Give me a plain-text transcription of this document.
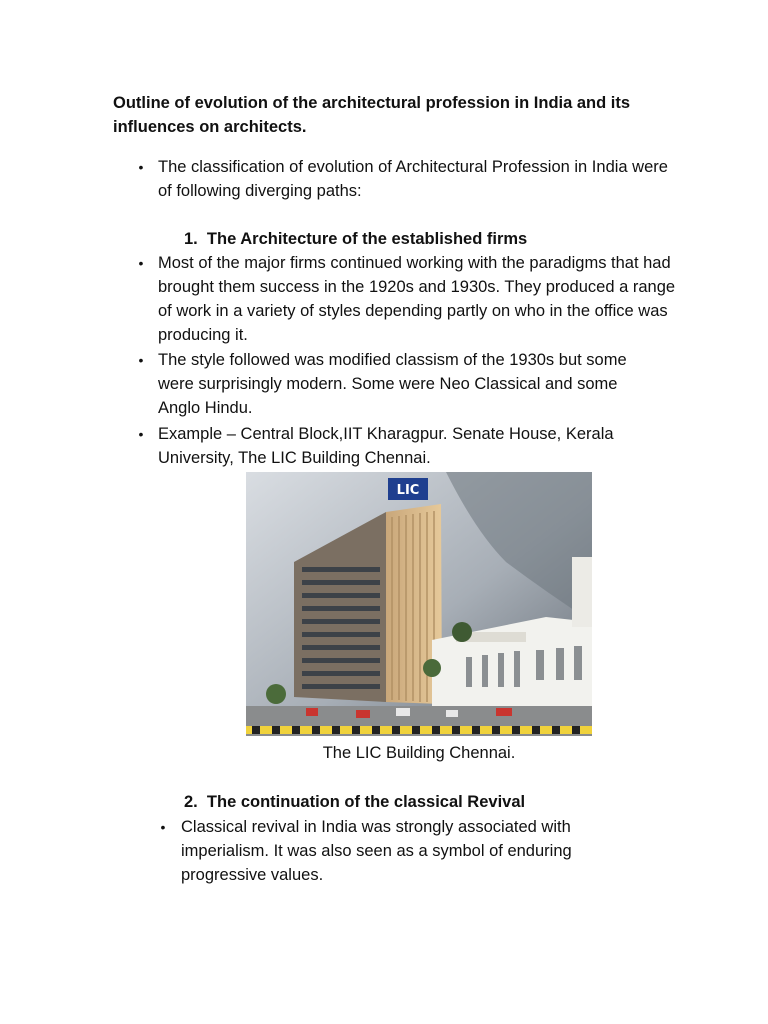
Outline of evolution of the architectural profession in India and its influences on architects.
• The classification of evolution of Architectural Profession in India were of following diverging paths:
1.  The Architecture of the established firms
• Most of the major firms continued working with the paradigms that had brought them success in the 1920s and 1930s. They produced a range of work in a variety of styles depending partly on who in the office was producing it.
• The style followed was modified classism of the 1930s but some were surprisingly modern. Some were Neo Classical and some Anglo Hindu.
• Example – Central Block,IIT Kharagpur. Senate House, Kerala University, The LIC Building Chennai.
LIC
The LIC Building Chennai.
2.  The continuation of the classical Revival
• Classical revival in India was strongly associated with imperialism. It was also seen as a symbol of enduring progressive values.
